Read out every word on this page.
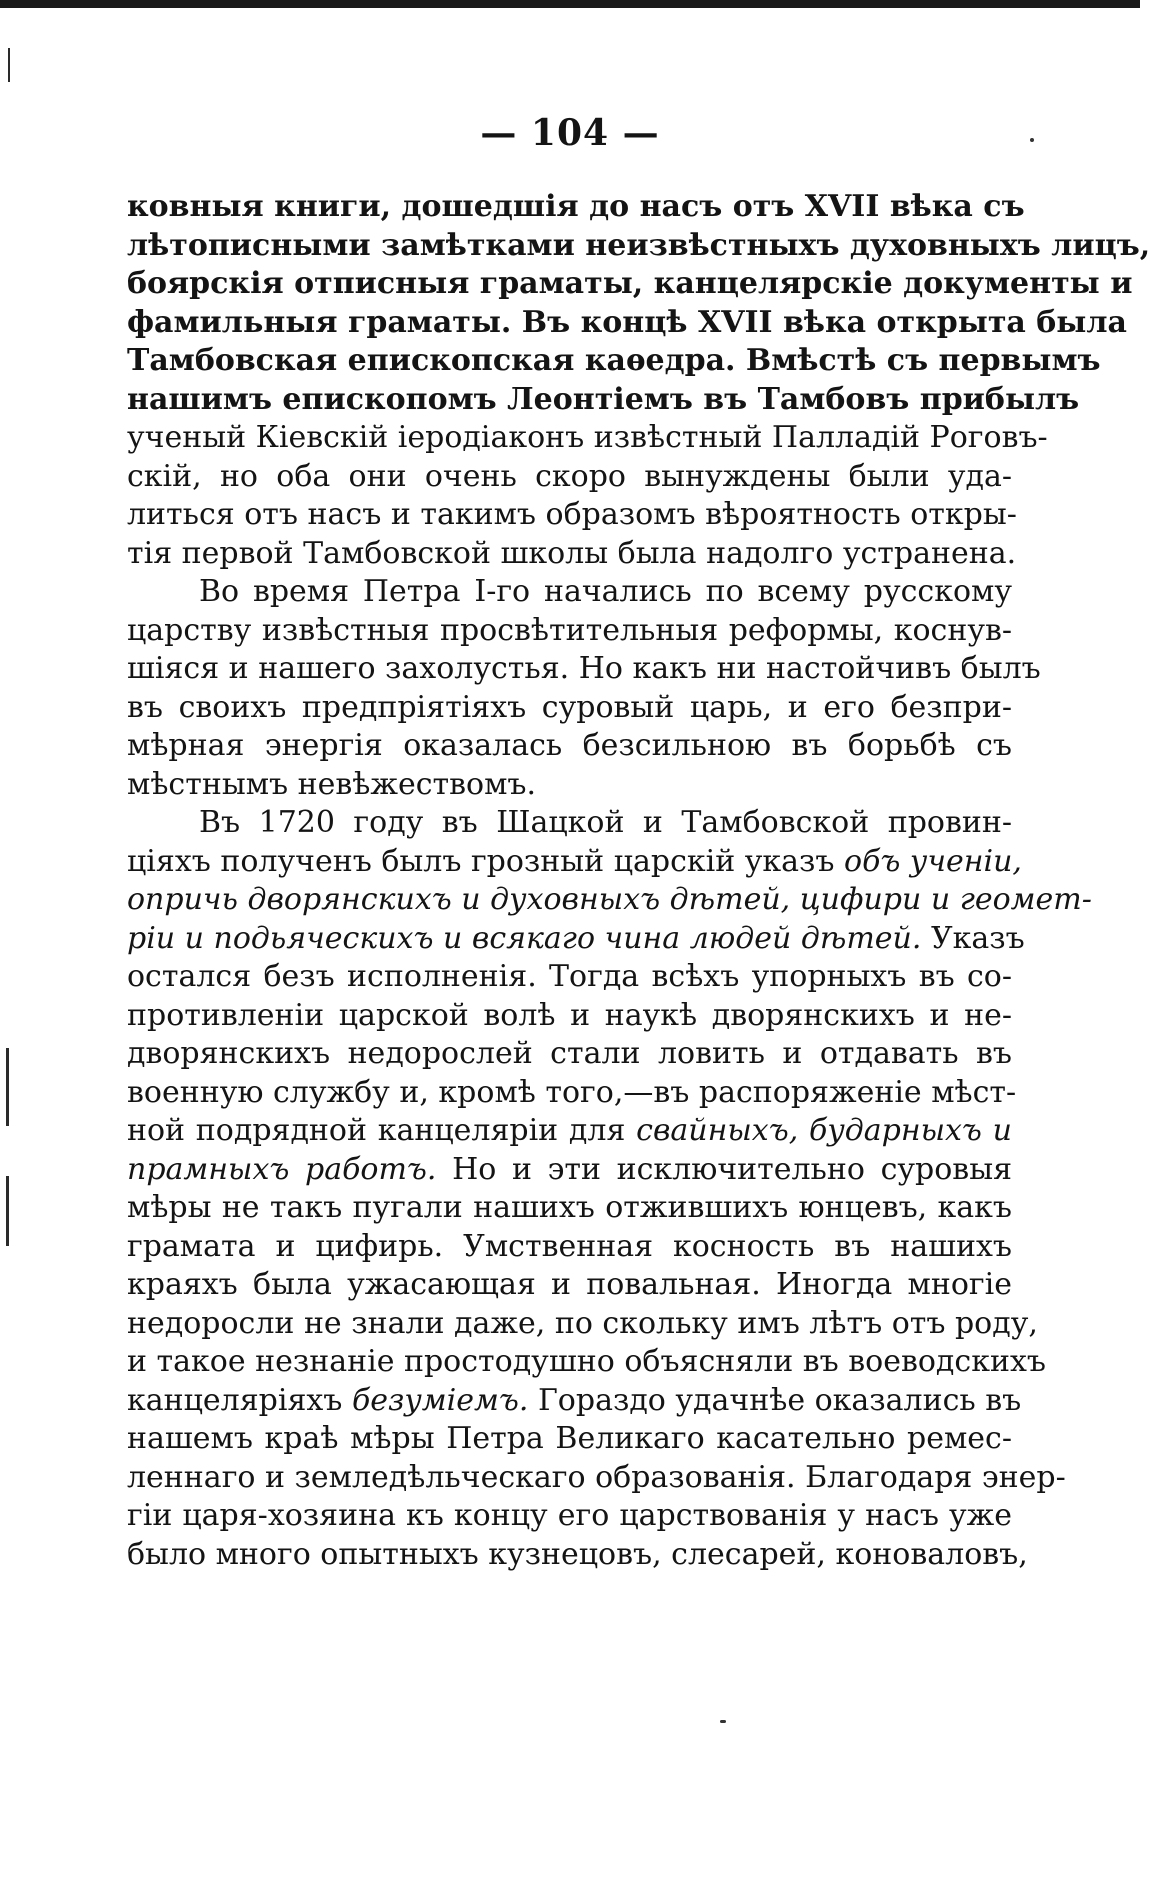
— 104 —
ковныя книги, дошедшія до насъ отъ XVII вѣка съ
лѣтописными замѣтками неизвѣстныхъ духовныхъ лицъ,
боярскія отписныя граматы, канцелярскіе документы и
фамильныя граматы. Въ концѣ XVII вѣка открыта была
Тамбовская епископская каѳедра. Вмѣстѣ съ первымъ
нашимъ епископомъ Леонтіемъ въ Тамбовъ прибылъ
ученый Кіевскій іеродіаконъ извѣстный Палладій Роговъ-
скій, но оба они очень скоро вынуждены были уда-
литься отъ насъ и такимъ образомъ вѣроятность откры-
тія первой Тамбовской школы была надолго устранена.
Во время Петра I-го начались по всему русскому
царству извѣстныя просвѣтительныя реформы, коснув-
шіяся и нашего захолустья. Но какъ ни настойчивъ былъ
въ своихъ предпріятіяхъ суровый царь, и его безпри-
мѣрная энергія оказалась безсильною въ борьбѣ съ
мѣстнымъ невѣжествомъ.
Въ 1720 году въ Шацкой и Тамбовской провин-
ціяхъ полученъ былъ грозный царскій указъ объ ученіи,
опричь дворянскихъ и духовныхъ дѣтей, цифири и геомет-
ріи и подьяческихъ и всякаго чина людей дѣтей. Указъ
остался безъ исполненія. Тогда всѣхъ упорныхъ въ со-
противленіи царской волѣ и наукѣ дворянскихъ и не-
дворянскихъ недорослей стали ловить и отдавать въ
военную службу и, кромѣ того,—въ распоряженіе мѣст-
ной подрядной канцеляріи для свайныхъ, бударныхъ и
прамныхъ работъ. Но и эти исключительно суровыя
мѣры не такъ пугали нашихъ отжившихъ юнцевъ, какъ
грамата и цифирь. Умственная косность въ нашихъ
краяхъ была ужасающая и повальная. Иногда многіе
недоросли не знали даже, по скольку имъ лѣтъ отъ роду,
и такое незнаніе простодушно объясняли въ воеводскихъ
канцеляріяхъ безуміемъ. Гораздо удачнѣе оказались въ
нашемъ краѣ мѣры Петра Великаго касательно ремес-
леннаго и земледѣльческаго образованія. Благодаря энер-
гіи царя-хозяина къ концу его царствованія у насъ уже
было много опытныхъ кузнецовъ, слесарей, коноваловъ,
